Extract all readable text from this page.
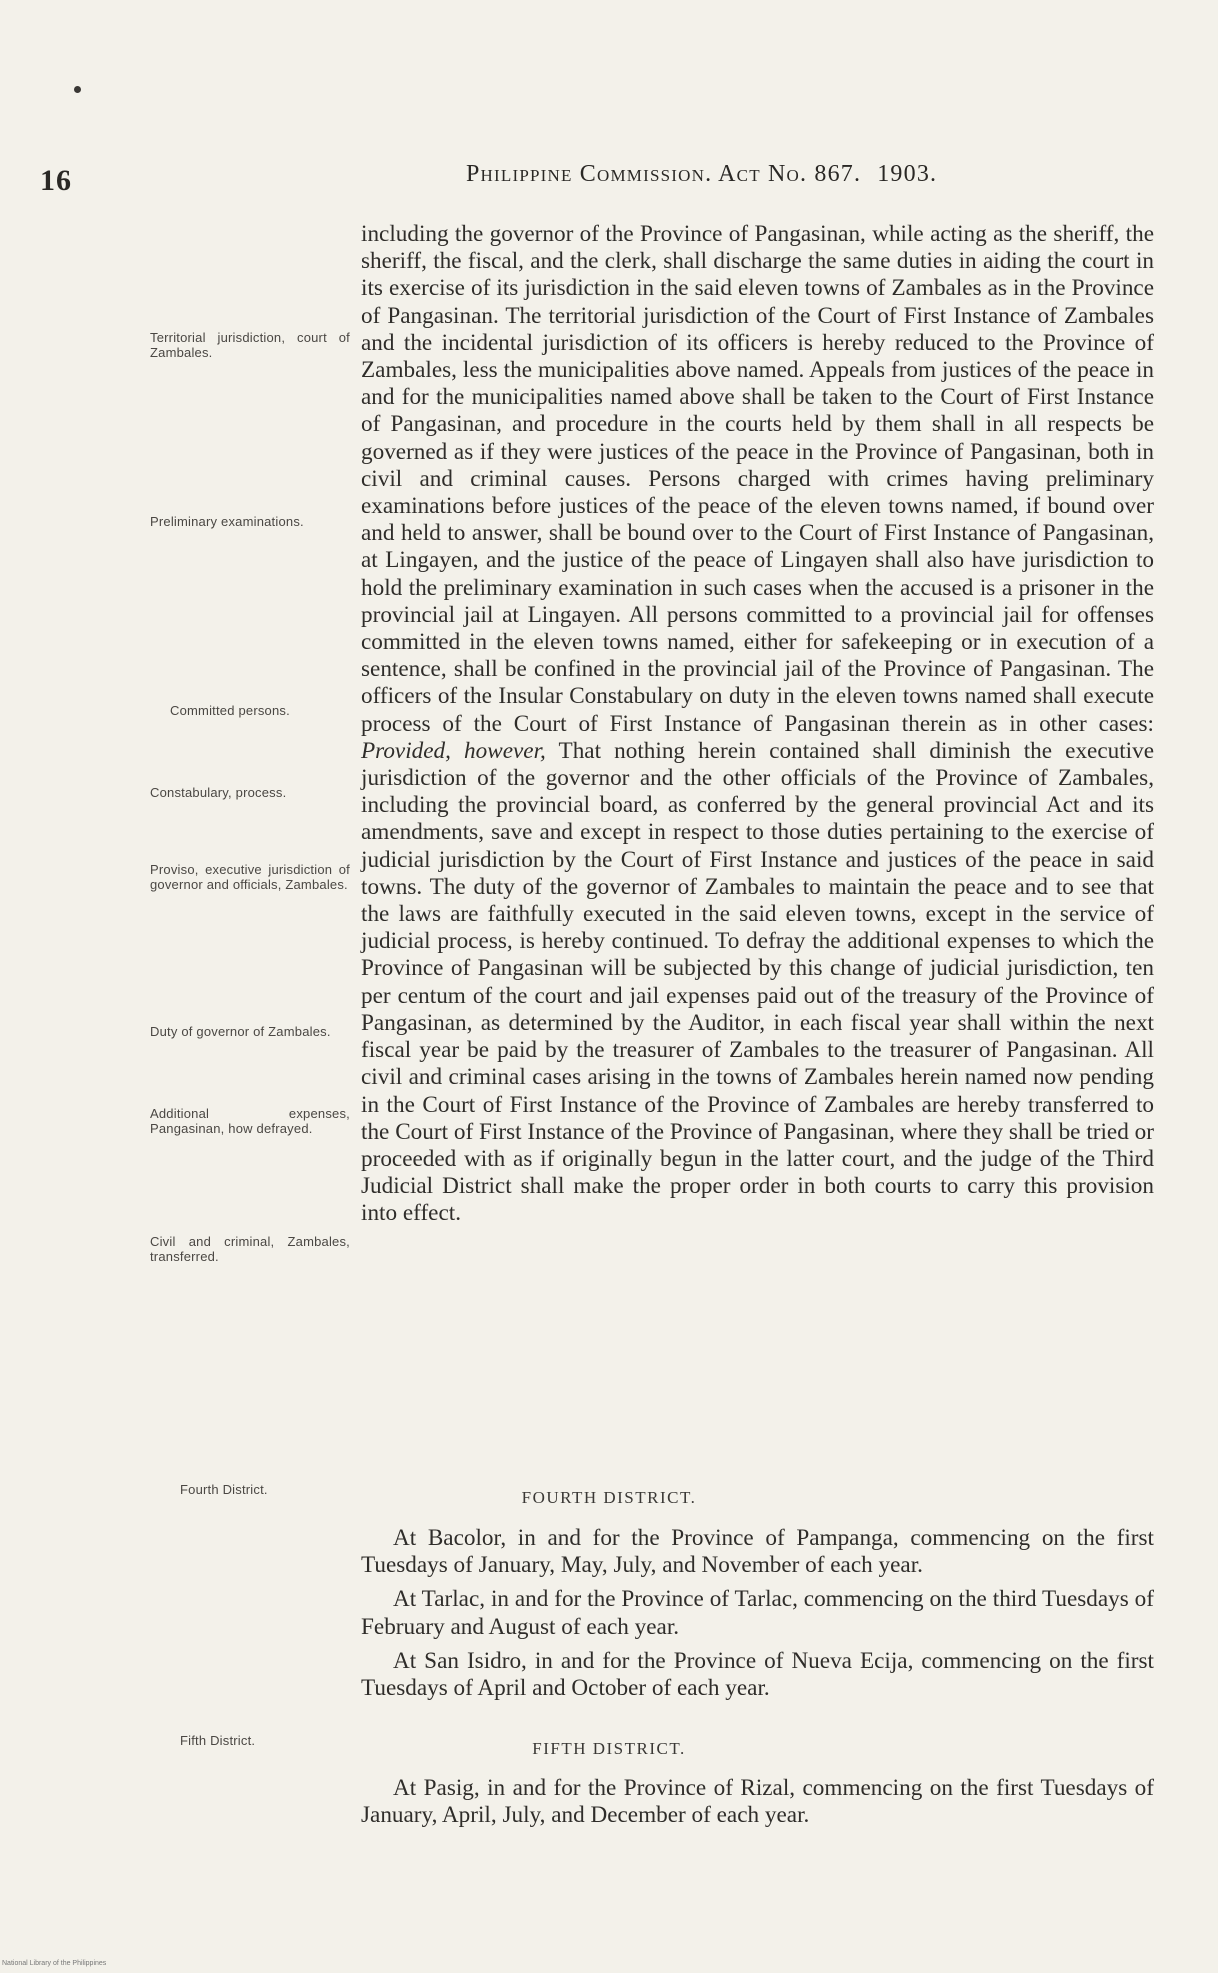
16	Philippine Commission. Act No. 867. 1903.
Territorial jurisdiction, court of Zambales.
Preliminary examinations.
Committed persons.
Constabulary, process.
Proviso, executive jurisdiction of governor and officials, Zambales.
Duty of governor of Zambales.
Additional expenses, Pangasinan, how defrayed.
Civil and criminal, Zambales, transferred.
Fourth District.
Fifth District.

including the governor of the Province of Pangasinan, while acting as the sheriff, the sheriff, the fiscal, and the clerk, shall discharge the same duties in aiding the court in its exercise of its jurisdiction in the said eleven towns of Zambales as in the Province of Pangasinan. The territorial jurisdiction of the Court of First Instance of Zambales and the incidental jurisdiction of its officers is hereby reduced to the Province of Zambales, less the municipalities above named. Appeals from justices of the peace in and for the municipalities named above shall be taken to the Court of First Instance of Pangasinan, and procedure in the courts held by them shall in all respects be governed as if they were justices of the peace in the Province of Pangasinan, both in civil and criminal causes. Persons charged with crimes having preliminary examinations before justices of the peace of the eleven towns named, if bound over and held to answer, shall be bound over to the Court of First Instance of Pangasinan, at Lingayen, and the justice of the peace of Lingayen shall also have jurisdiction to hold the preliminary examination in such cases when the accused is a prisoner in the provincial jail at Lingayen. All persons committed to a provincial jail for offenses committed in the eleven towns named, either for safekeeping or in execution of a sentence, shall be confined in the provincial jail of the Province of Pangasinan. The officers of the Insular Constabulary on duty in the eleven towns named shall execute process of the Court of First Instance of Pangasinan therein as in other cases: Provided, however, That nothing herein contained shall diminish the executive jurisdiction of the governor and the other officials of the Province of Zambales, including the provincial board, as conferred by the general provincial Act and its amendments, save and except in respect to those duties pertaining to the exercise of judicial jurisdiction by the Court of First Instance and justices of the peace in said towns. The duty of the governor of Zambales to maintain the peace and to see that the laws are faithfully executed in the said eleven towns, except in the service of judicial process, is hereby continued. To defray the additional expenses to which the Province of Pangasinan will be subjected by this change of judicial jurisdiction, ten per centum of the court and jail expenses paid out of the treasury of the Province of Pangasinan, as determined by the Auditor, in each fiscal year shall within the next fiscal year be paid by the treasurer of Zambales to the treasurer of Pangasinan. All civil and criminal cases arising in the towns of Zambales herein named now pending in the Court of First Instance of the Province of Zambales are hereby transferred to the Court of First Instance of the Province of Pangasinan, where they shall be tried or proceeded with as if originally begun in the latter court, and the judge of the Third Judicial District shall make the proper order in both courts to carry this provision into effect.

FOURTH DISTRICT.

At Bacolor, in and for the Province of Pampanga, commencing on the first Tuesdays of January, May, July, and November of each year.

At Tarlac, in and for the Province of Tarlac, commencing on the third Tuesdays of February and August of each year.

At San Isidro, in and for the Province of Nueva Ecija, commencing on the first Tuesdays of April and October of each year.

FIFTH DISTRICT.

At Pasig, in and for the Province of Rizal, commencing on the first Tuesdays of January, April, July, and December of each year.

National Library of the Philippines
